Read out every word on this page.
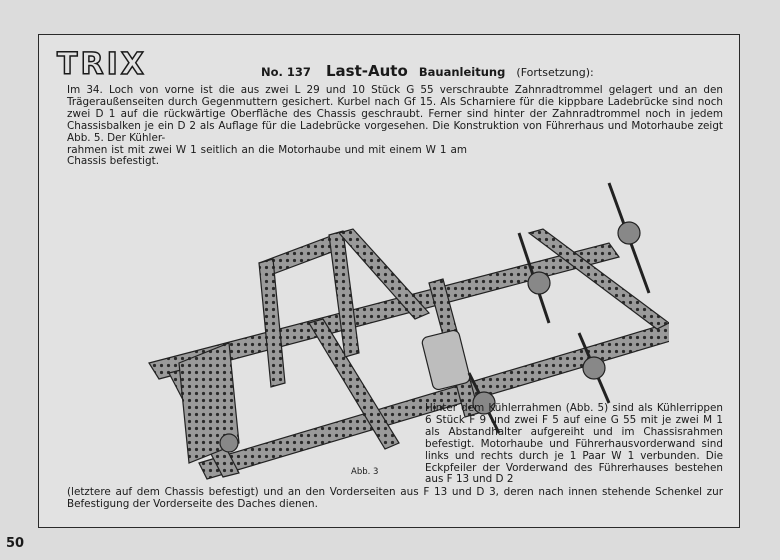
TRIX	No. 137 Last-Auto Bauanleitung (Fortsetzung):
Im 34. Loch von vorne ist die aus zwei L 29 und 10 Stück G 55 verschraubte Zahnradtrommel gelagert und an den Trägeraußenseiten durch Gegenmuttern gesichert. Kurbel nach Gf 15. Als Scharniere für die kippbare Ladebrücke sind noch zwei D 1 auf die rückwärtige Oberfläche des Chassis geschraubt. Ferner sind hinter der Zahnradtrommel noch in jedem Chassisbalken je ein D 2 als Auflage für die Ladebrücke vorgesehen. Die Konstruktion von Führerhaus und Motorhaube zeigt Abb. 5. Der Kühler-
rahmen ist mit zwei W 1 seitlich an die Motorhaube und mit einem W 1 am Chassis befestigt.
Hinter dem Kühlerrahmen (Abb. 5) sind als Kühlerrippen 6 Stück F 9 und zwei F 5 auf eine G 55 mit je zwei M 1 als Abstandhalter aufgereiht und im Chassisrahmen befestigt. Motorhaube und Führerhausvorderwand sind links und rechts durch je 1 Paar W 1 verbunden. Die Eckpfeiler der Vorderwand des Führerhauses bestehen aus F 13 und D 2
Abb. 3
(letztere auf dem Chassis befestigt) und an den Vorderseiten aus F 13 und D 3, deren nach innen stehende Schenkel zur Befestigung der Vorderseite des Daches dienen.
50
